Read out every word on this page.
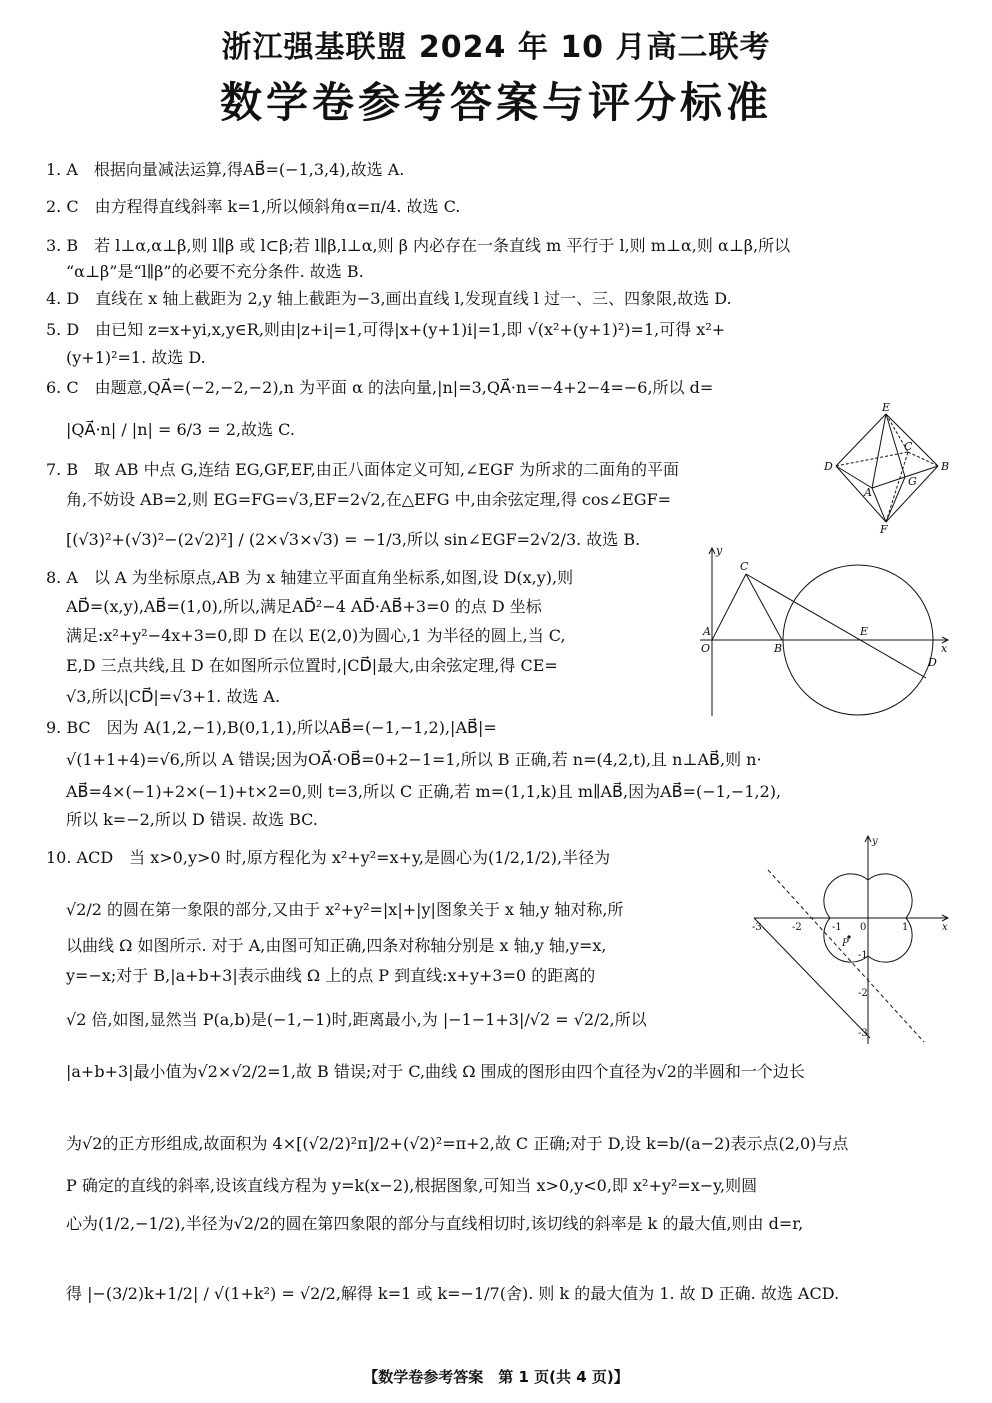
浙江强基联盟 2024 年 10 月高二联考
数学卷参考答案与评分标准
1. A　根据向量减法运算,得AB⃗=(−1,3,4),故选 A.
2. C　由方程得直线斜率 k=1,所以倾斜角α=π/4. 故选 C.
3. B　若 l⊥α,α⊥β,则 l∥β 或 l⊂β;若 l∥β,l⊥α,则 β 内必存在一条直线 m 平行于 l,则 m⊥α,则 α⊥β,所以
“α⊥β”是“l∥β”的必要不充分条件. 故选 B.
4. D　直线在 x 轴上截距为 2,y 轴上截距为−3,画出直线 l,发现直线 l 过一、三、四象限,故选 D.
5. D　由已知 z=x+yi,x,y∈R,则由|z+i|=1,可得|x+(y+1)i|=1,即 √(x²+(y+1)²)=1,可得 x²+
(y+1)²=1. 故选 D.
6. C　由题意,QA⃗=(−2,−2,−2),n 为平面 α 的法向量,|n|=3,QA⃗·n=−4+2−4=−6,所以 d=
|QA⃗·n| / |n| = 6/3 = 2,故选 C.
7. B　取 AB 中点 G,连结 EG,GF,EF,由正八面体定义可知,∠EGF 为所求的二面角的平面
角,不妨设 AB=2,则 EG=FG=√3,EF=2√2,在△EFG 中,由余弦定理,得 cos∠EGF=
[(√3)²+(√3)²−(2√2)²] / (2×√3×√3) = −1/3,所以 sin∠EGF=2√2/3. 故选 B.
8. A　以 A 为坐标原点,AB 为 x 轴建立平面直角坐标系,如图,设 D(x,y),则
AD⃗=(x,y),AB⃗=(1,0),所以,满足AD⃗²−4 AD⃗·AB⃗+3=0 的点 D 坐标
满足:x²+y²−4x+3=0,即 D 在以 E(2,0)为圆心,1 为半径的圆上,当 C,
E,D 三点共线,且 D 在如图所示位置时,|CD⃗|最大,由余弦定理,得 CE=
√3,所以|CD⃗|=√3+1. 故选 A.
9. BC　因为 A(1,2,−1),B(0,1,1),所以AB⃗=(−1,−1,2),|AB⃗|=
√(1+1+4)=√6,所以 A 错误;因为OA⃗·OB⃗=0+2−1=1,所以 B 正确,若 n=(4,2,t),且 n⊥AB⃗,则 n·
AB⃗=4×(−1)+2×(−1)+t×2=0,则 t=3,所以 C 正确,若 m=(1,1,k)且 m∥AB⃗,因为AB⃗=(−1,−1,2),
所以 k=−2,所以 D 错误. 故选 BC.
10. ACD　当 x>0,y>0 时,原方程化为 x²+y²=x+y,是圆心为(1/2,1/2),半径为
√2/2 的圆在第一象限的部分,又由于 x²+y²=|x|+|y|图象关于 x 轴,y 轴对称,所
以曲线 Ω 如图所示. 对于 A,由图可知正确,四条对称轴分别是 x 轴,y 轴,y=x,
y=−x;对于 B,|a+b+3|表示曲线 Ω 上的点 P 到直线:x+y+3=0 的距离的
√2 倍,如图,显然当 P(a,b)是(−1,−1)时,距离最小,为 |−1−1+3|/√2 = √2/2,所以
|a+b+3|最小值为√2×√2/2=1,故 B 错误;对于 C,曲线 Ω 围成的图形由四个直径为√2的半圆和一个边长
为√2的正方形组成,故面积为 4×[(√2/2)²π]/2+(√2)²=π+2,故 C 正确;对于 D,设 k=b/(a−2)表示点(2,0)与点
P 确定的直线的斜率,设该直线方程为 y=k(x−2),根据图象,可知当 x>0,y<0,即 x²+y²=x−y,则圆
心为(1/2,−1/2),半径为√2/2的圆在第四象限的部分与直线相切时,该切线的斜率是 k 的最大值,则由 d=r,
得 |−(3/2)k+1/2| / √(1+k²) = √2/2,解得 k=1 或 k=−1/7(舍). 则 k 的最大值为 1. 故 D 正确. 故选 ACD.
E
D
C
B
A
G
F
y
C
A
O	B
E
x
D
y
x
-3	-2	-1 0	1
-1
-2
-3
P
【数学卷参考答案　第 1 页(共 4 页)】
